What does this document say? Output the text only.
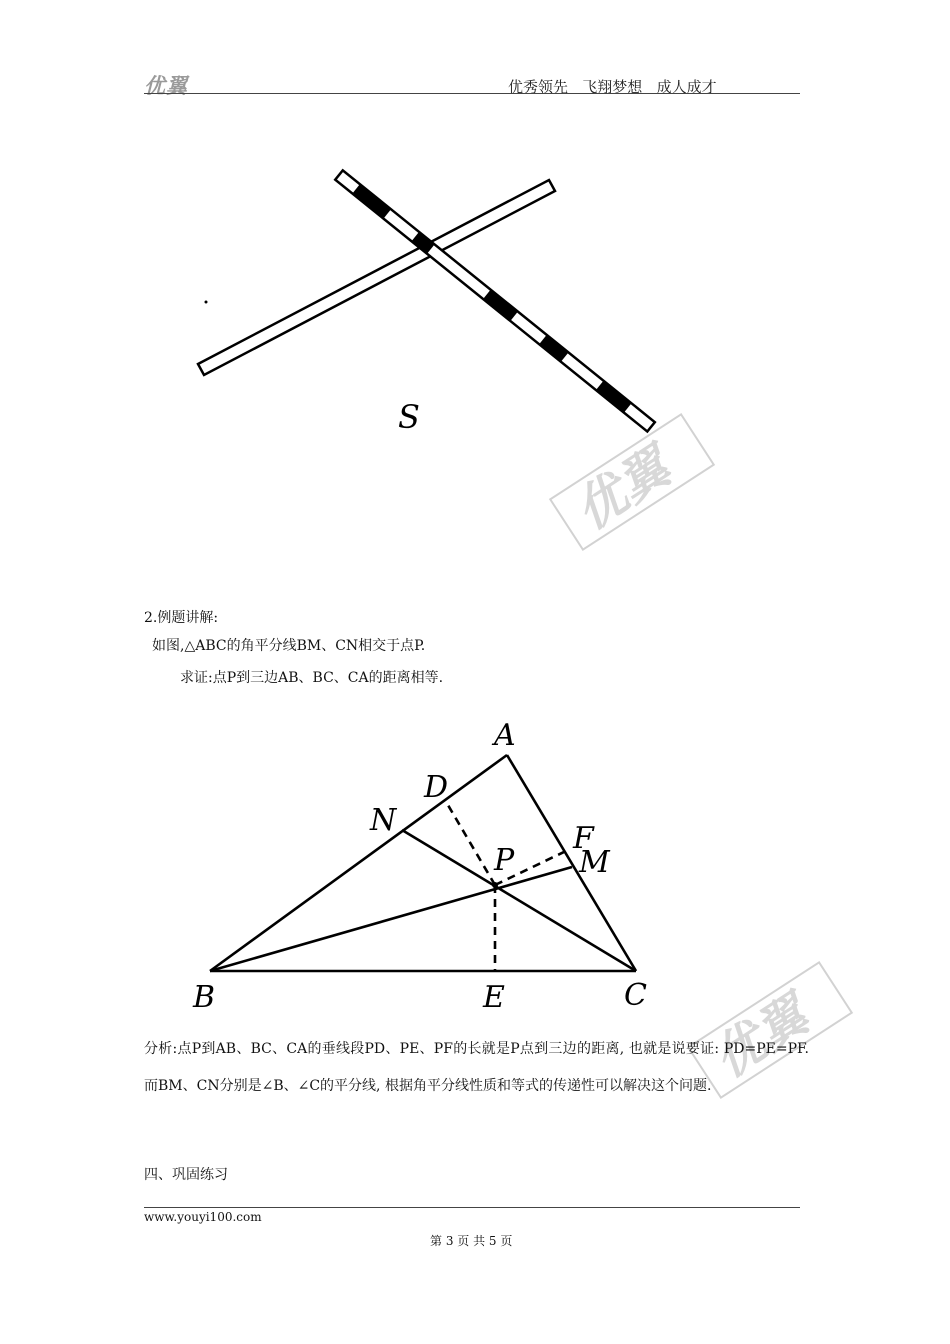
优翼	优秀领先   飞翔梦想   成人成才
S
优翼
2.例题讲解:
如图,△ABC的角平分线BM、CN相交于点P.
求证:点P到三边AB、BC、CA的距离相等.
A
D
N
F
M
P
B	E	C 优翼
分析:点P到AB、BC、CA的垂线段PD、PE、PF的长就是P点到三边的距离, 也就是说要证: PD=PE=PF.而BM、CN分别是∠B、∠C的平分线, 根据角平分线性质和等式的传递性可以解决这个问题.
四、巩固练习
www.youyi100.com
第 3 页 共 5 页
